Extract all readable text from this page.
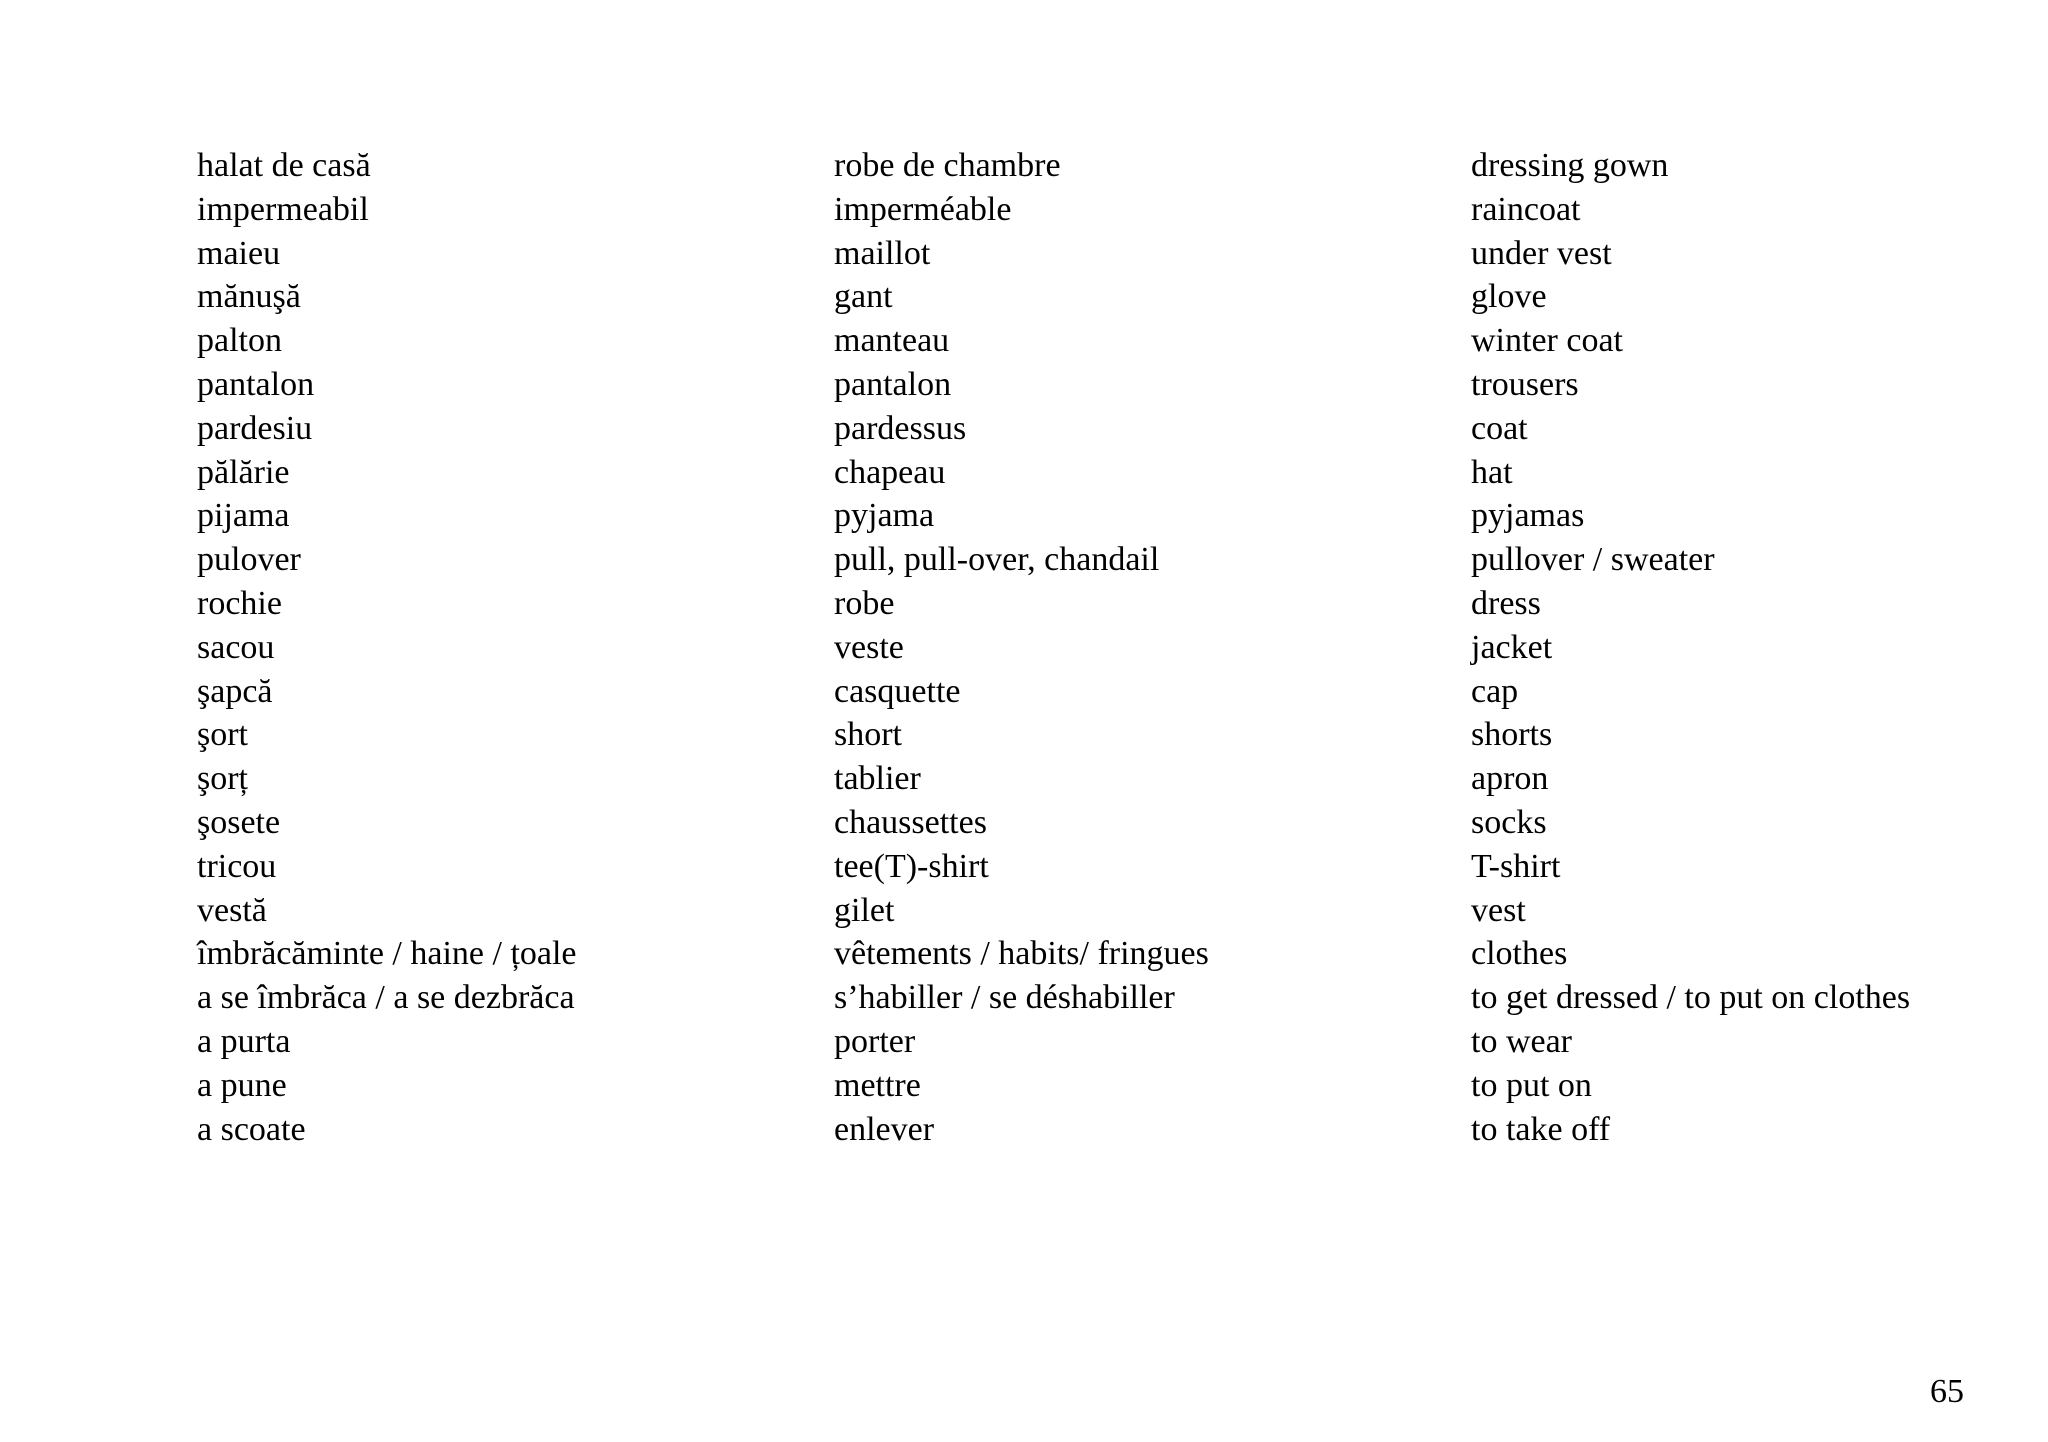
halat de casă	robe de chambre	dressing gown
impermeabil	imperméable	raincoat
maieu	maillot	under vest
mănuşă	gant	glove
palton	manteau	winter coat
pantalon	pantalon	trousers
pardesiu	pardessus	coat
pălărie	chapeau	hat
pijama	pyjama	pyjamas
pulover	pull, pull-over, chandail	pullover / sweater
rochie	robe	dress
sacou	veste	jacket
şapcă	casquette	cap
şort	short	shorts
şorț	tablier	apron
şosete	chaussettes	socks
tricou	tee(T)-shirt	T-shirt
vestă	gilet	vest
îmbrăcăminte / haine / țoale	vêtements / habits/ fringues	clothes
a se îmbrăca / a se dezbrăca	s’habiller / se déshabiller	to get dressed / to put on clothes
a purta	porter	to wear
a pune	mettre	to put on
a scoate	enlever	to take off
65
